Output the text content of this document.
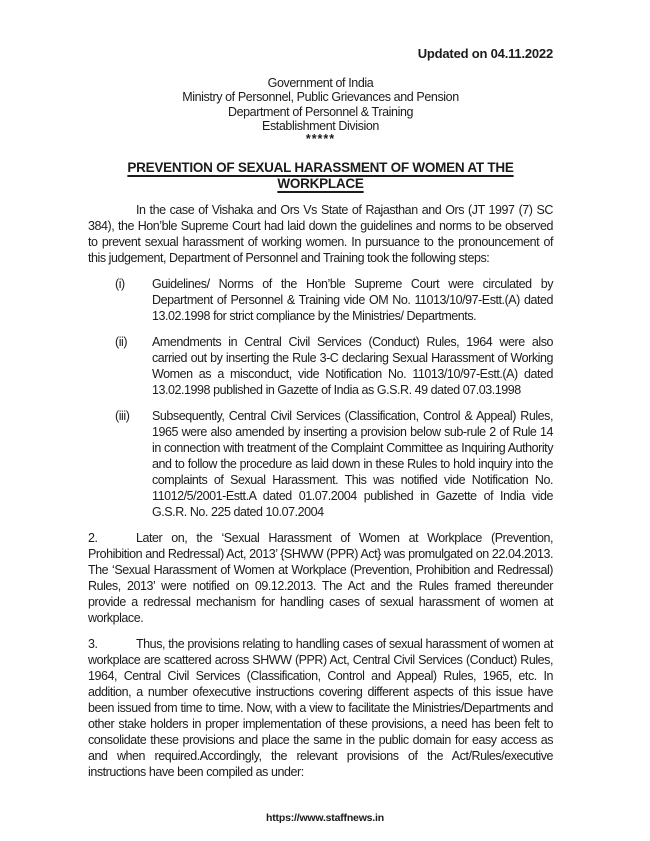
Updated on 04.11.2022
Government of India
Ministry of Personnel, Public Grievances and Pension
Department of Personnel & Training
Establishment Division
*****
PREVENTION OF SEXUAL HARASSMENT OF WOMEN AT THE WORKPLACE

In the case of Vishaka and Ors Vs State of Rajasthan and Ors (JT 1997 (7) SC 384), the Hon’ble Supreme Court had laid down the guidelines and norms to be observed to prevent sexual harassment of working women. In pursuance to the pronouncement of this judgement, Department of Personnel and Training took the following steps:

(i)	Guidelines/ Norms of the Hon’ble Supreme Court were circulated by Department of Personnel & Training vide OM No. 11013/10/97-Estt.(A) dated 13.02.1998 for strict compliance by the Ministries/ Departments.
(ii)	Amendments in Central Civil Services (Conduct) Rules, 1964 were also carried out by inserting the Rule 3-C declaring Sexual Harassment of Working Women as a misconduct, vide Notification No. 11013/10/97-Estt.(A) dated 13.02.1998 published in Gazette of India as G.S.R. 49 dated 07.03.1998
(iii)	Subsequently, Central Civil Services (Classification, Control & Appeal) Rules, 1965 were also amended by inserting a provision below sub-rule 2 of Rule 14 in connection with treatment of the Complaint Committee as Inquiring Authority and to follow the procedure as laid down in these Rules to hold inquiry into the complaints of Sexual Harassment. This was notified vide Notification No. 11012/5/2001-Estt.A dated 01.07.2004 published in Gazette of India vide G.S.R. No. 225 dated 10.07.2004

2.	Later on, the ‘Sexual Harassment of Women at Workplace (Prevention, Prohibition and Redressal) Act, 2013’ {SHWW (PPR) Act} was promulgated on 22.04.2013. The ‘Sexual Harassment of Women at Workplace (Prevention, Prohibition and Redressal) Rules, 2013’ were notified on 09.12.2013. The Act and the Rules framed thereunder provide a redressal mechanism for handling cases of sexual harassment of women at workplace.

3.	Thus, the provisions relating to handling cases of sexual harassment of women at workplace are scattered across SHWW (PPR) Act, Central Civil Services (Conduct) Rules, 1964, Central Civil Services (Classification, Control and Appeal) Rules, 1965, etc. In addition, a number ofexecutive instructions covering different aspects of this issue have been issued from time to time. Now, with a view to facilitate the Ministries/Departments and other stake holders in proper implementation of these provisions, a need has been felt to consolidate these provisions and place the same in the public domain for easy access as and when required.Accordingly, the relevant provisions of the Act/Rules/executive instructions have been compiled as under:

https://www.staffnews.in
